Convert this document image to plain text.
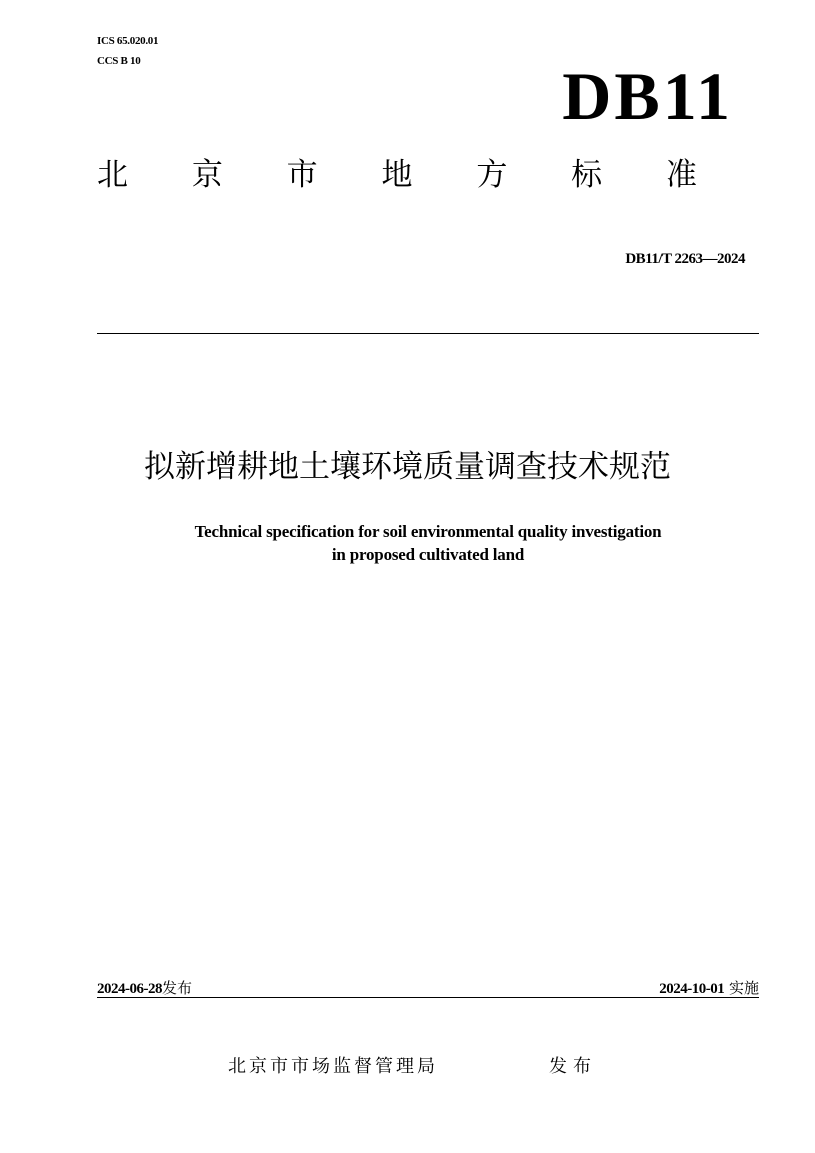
ICS 65.020.01
CCS B 10	DB11
北 京 市 地 方 标 准
DB11/T 2263—2024
拟新增耕地土壤环境质量调查技术规范
Technical specification for soil environmental quality investigation
in proposed cultivated land
2024-06-28发布	2024-10-01 实施
北京市市场监督管理局	发布
